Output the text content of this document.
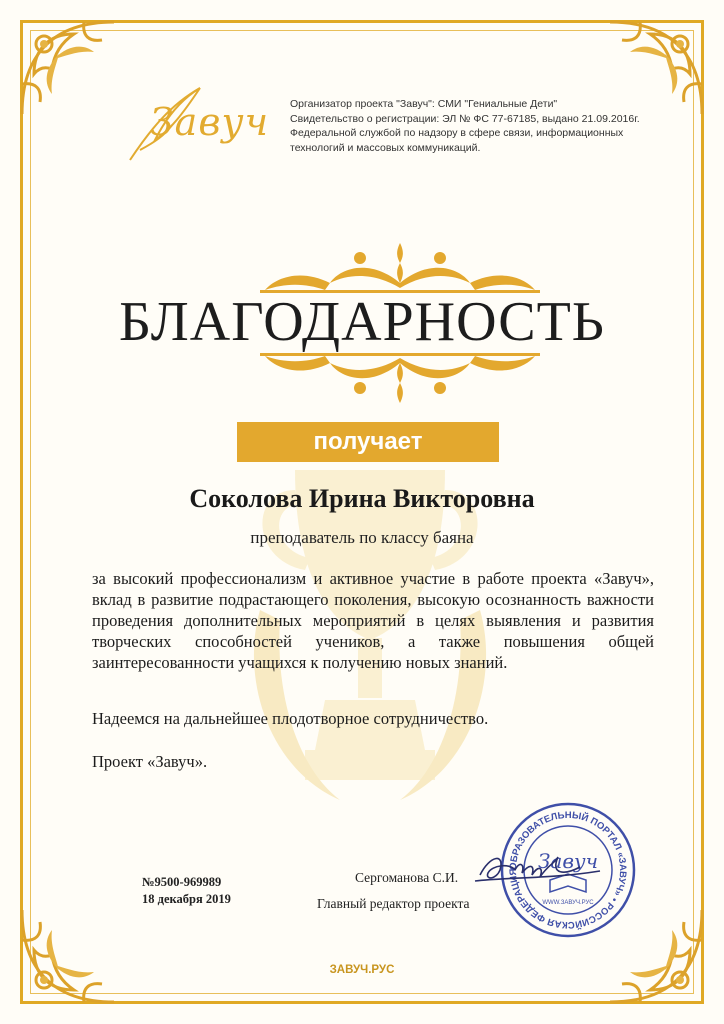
Завуч Организатор проекта "Завуч": СМИ "Гениальные Дети"
Свидетельство о регистрации: ЭЛ № ФС 77-67185, выдано 21.09.2016г.
Федеральной службой по надзору в сфере связи, информационных
технологий и массовых коммуникаций.
БЛАГОДАРНОСТЬ
получает
Соколова Ирина Викторовна
преподаватель по классу баяна
за высокий профессионализм и активное участие в работе проекта «Завуч», вклад в развитие подрастающего поколения, высокую осознанность важности проведения дополнительных мероприятий в целях выявления и развития творческих способностей учеников, а также повышения общей заинтересованности учащихся к получению новых знаний.
Надеемся на дальнейшее плодотворное сотрудничество.
Проект «Завуч».
№9500-969989
18 декабря 2019
Сергоманова С.И.
Главный редактор проекта
ОБРАЗОВАТЕЛЬНЫЙ ПОРТАЛ «ЗАВУЧ» • РОССИЙСКАЯ ФЕДЕРАЦИЯ Завуч
WWW.ЗАВУЧ.РУС
ЗАВУЧ.РУС
